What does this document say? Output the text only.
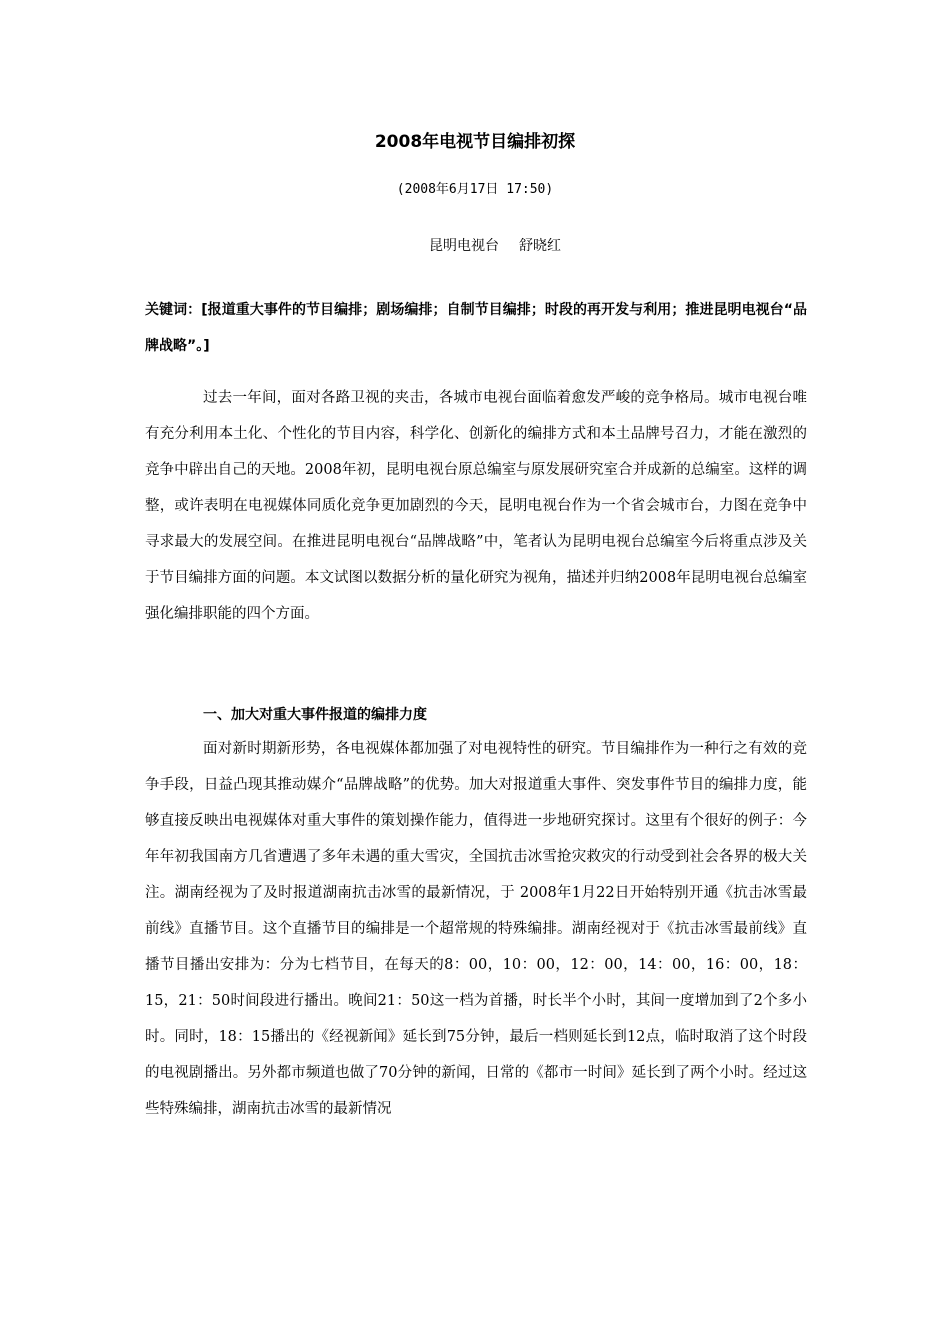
2008年电视节目编排初探
(2008年6月17日 17:50)
昆明电视台 舒晓红

关键词：[报道重大事件的节目编排；剧场编排；自制节目编排；时段的再开发与利用；推进昆明电视台“品牌战略”。]

过去一年间，面对各路卫视的夹击，各城市电视台面临着愈发严峻的竞争格局。城市电视台唯有充分利用本土化、个性化的节目内容，科学化、创新化的编排方式和本土品牌号召力，才能在激烈的竞争中辟出自己的天地。2008年初，昆明电视台原总编室与原发展研究室合并成新的总编室。这样的调整，或许表明在电视媒体同质化竞争更加剧烈的今天，昆明电视台作为一个省会城市台，力图在竞争中寻求最大的发展空间。在推进昆明电视台“品牌战略”中，笔者认为昆明电视台总编室今后将重点涉及关于节目编排方面的问题。本文试图以数据分析的量化研究为视角，描述并归纳2008年昆明电视台总编室强化编排职能的四个方面。

一、加大对重大事件报道的编排力度

面对新时期新形势，各电视媒体都加强了对电视特性的研究。节目编排作为一种行之有效的竞争手段，日益凸现其推动媒介“品牌战略”的优势。加大对报道重大事件、突发事件节目的编排力度，能够直接反映出电视媒体对重大事件的策划操作能力，值得进一步地研究探讨。这里有个很好的例子：今年年初我国南方几省遭遇了多年未遇的重大雪灾，全国抗击冰雪抢灾救灾的行动受到社会各界的极大关注。湖南经视为了及时报道湖南抗击冰雪的最新情况，于 2008年1月22日开始特别开通《抗击冰雪最前线》直播节目。这个直播节目的编排是一个超常规的特殊编排。湖南经视对于《抗击冰雪最前线》直播节目播出安排为：分为七档节目，在每天的8：00，10：00，12：00，14：00，16：00，18：15，21：50时间段进行播出。晚间21：50这一档为首播，时长半个小时，其间一度增加到了2个多小时。同时，18：15播出的《经视新闻》延长到75分钟，最后一档则延长到12点，临时取消了这个时段的电视剧播出。另外都市频道也做了70分钟的新闻，日常的《都市一时间》延长到了两个小时。经过这些特殊编排，湖南抗击冰雪的最新情况
